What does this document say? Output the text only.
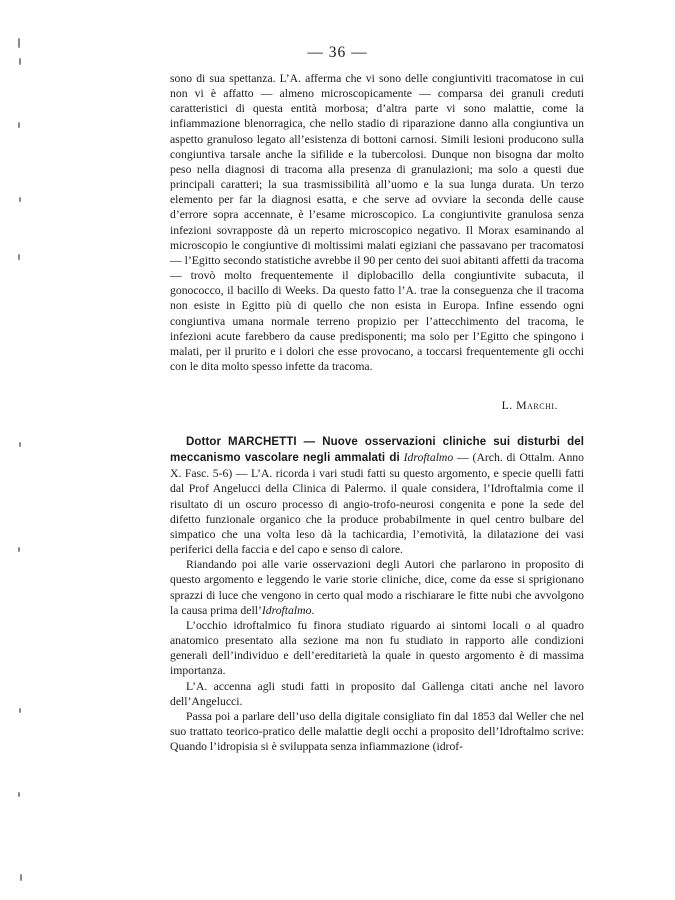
— 36 —

sono di sua spettanza. L’A. afferma che vi sono delle congiuntiviti tracomatose in cui non vi è affatto — almeno microscopicamente — comparsa dei granuli creduti caratteristici di questa entità morbosa; d’altra parte vi sono malattie, come la infiammazione blenorragica, che nello stadio di riparazione danno alla congiuntiva un aspetto granuloso legato all’esistenza di bottoni carnosi. Simili lesioni producono sulla congiuntiva tarsale anche la sifilide e la tubercolosi. Dunque non bisogna dar molto peso nella diagnosi di tracoma alla presenza di granulazioni; ma solo a questi due principali caratteri; la sua trasmissibilità all’uomo e la sua lunga durata. Un terzo elemento per far la diagnosi esatta, e che serve ad ovviare la seconda delle cause d’errore sopra accennate, è l’esame microscopico. La congiuntivite granulosa senza infezioni sovrapposte dà un reperto microscopico negativo. Il Morax esaminando al microscopio le congiuntive di moltissimi malati egiziani che passavano per tracomatosi — l’Egitto secondo statistiche avrebbe il 90 per cento dei suoi abitanti affetti da tracoma — trovò molto frequentemente il diplobacillo della congiuntivite subacuta, il gonococco, il bacillo di Weeks. Da questo fatto l’A. trae la conseguenza che il tracoma non esiste in Egitto più di quello che non esista in Europa. Infine essendo ogni congiuntiva umana normale terreno propizio per l’attecchimento del tracoma, le infezioni acute farebbero da cause predisponenti; ma solo per l’Egitto che spingono i malati, per il prurito e i dolori che esse provocano, a toccarsi frequentemente gli occhi con le dita molto spesso infette da tracoma.

L. Marchi.

Dottor MARCHETTI — Nuove osservazioni cliniche sui disturbi del meccanismo vascolare negli ammalati di Idroftalmo — (Arch. di Ottalm. Anno X. Fasc. 5-6) — L’A. ricorda i vari studi fatti su questo argomento, e specie quelli fatti dal Prof Angelucci della Clinica di Palermo. il quale considera, l’Idroftalmia come il risultato di un oscuro processo di angio-trofo-neurosi congenita e pone la sede del difetto funzionale organico che la produce probabilmente in quel centro bulbare del simpatico che una volta leso dà la tachicardia, l’emotività, la dilatazione dei vasi periferici della faccia e del capo e senso di calore.

Riandando poi alle varie osservazioni degli Autori che parlarono in proposito di questo argomento e leggendo le varie storie cliniche, dice, come da esse si sprigionano sprazzi di luce che vengono in certo qual modo a rischiarare le fitte nubi che avvolgono la causa prima dell’Idroftalmo.

L’occhio idroftalmico fu finora studiato riguardo ai sintomi locali o al quadro anatomico presentato alla sezione ma non fu studiato in rapporto alle condizioni generali dell’individuo e dell’ereditarietà la quale in questo argomento è di massima importanza.

L’A. accenna agli studi fatti in proposito dal Gallenga citati anche nel lavoro dell’Angelucci.

Passa poi a parlare dell’uso della digitale consigliato fin dal 1853 dal Weller che nel suo trattato teorico-pratico delle malattie degli occhi a proposito dell’Idroftalmo scrive: Quando l’idropisia si è sviluppata senza infiammazione (idrof-
